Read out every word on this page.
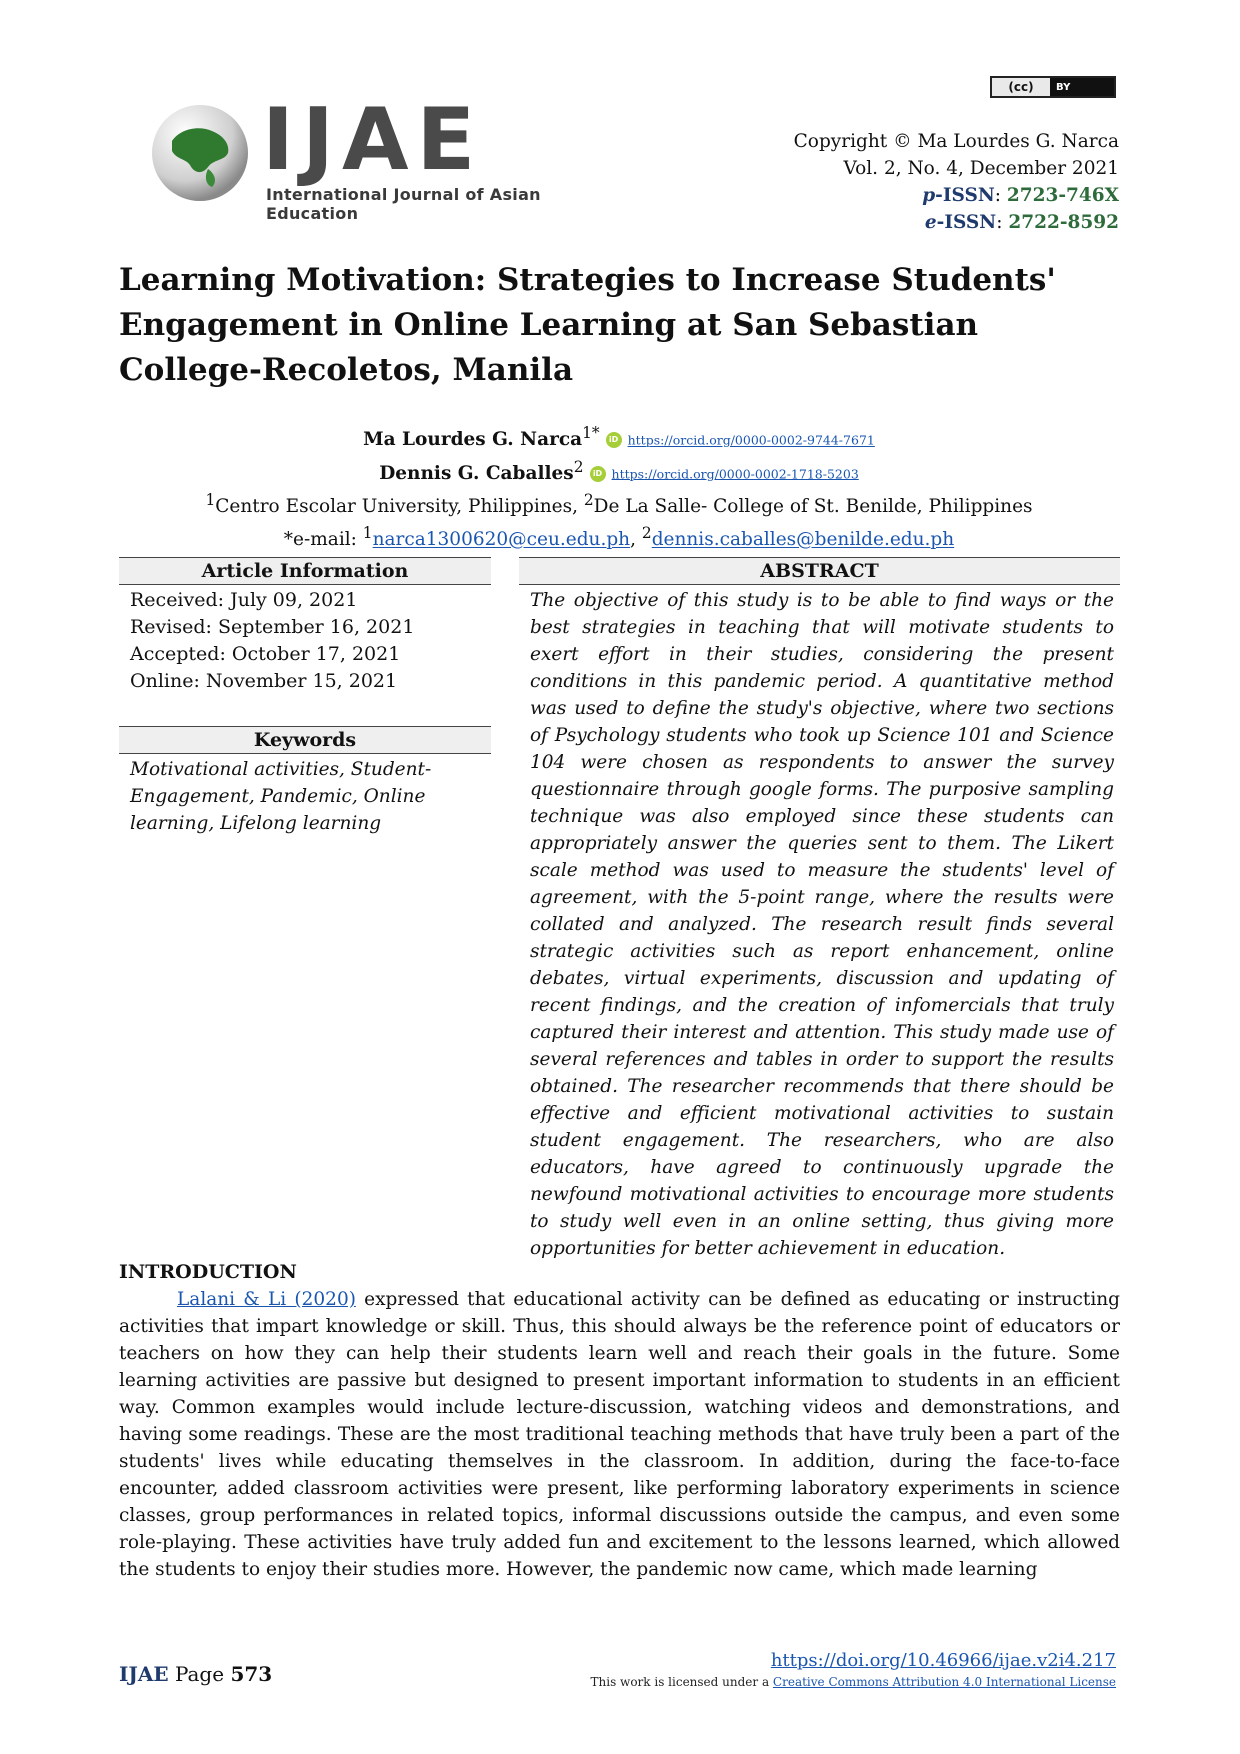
(cc)	BY
IJAE
International Journal of Asian Education
Copyright © Ma Lourdes G. Narca
Vol. 2, No. 4, December 2021
p-ISSN: 2723-746X
e-ISSN: 2722-8592
Learning Motivation: Strategies to Increase Students' Engagement in Online Learning at San Sebastian College-Recoletos, Manila
Ma Lourdes G. Narca$^{1*}$ iD https://orcid.org/0000-0002-9744-7671
Dennis G. Caballes$^2$ iD https://orcid.org/0000-0002-1718-5203
$^1$Centro Escolar University, Philippines, $^2$De La Salle- College of St. Benilde, Philippines
*e-mail: $^1$narca1300620@ceu.edu.ph, $^2$dennis.caballes@benilde.edu.ph
Article Information
Received: July 09, 2021
Revised: September 16, 2021
Accepted: October 17, 2021
Online: November 15, 2021
Keywords
Motivational activities, Student-Engagement, Pandemic, Online learning, Lifelong learning
ABSTRACT
The objective of this study is to be able to find ways or the best strategies in teaching that will motivate students to exert effort in their studies, considering the present conditions in this pandemic period. A quantitative method was used to define the study's objective, where two sections of Psychology students who took up Science 101 and Science 104 were chosen as respondents to answer the survey questionnaire through google forms. The purposive sampling technique was also employed since these students can appropriately answer the queries sent to them. The Likert scale method was used to measure the students' level of agreement, with the 5-point range, where the results were collated and analyzed. The research result finds several strategic activities such as report enhancement, online debates, virtual experiments, discussion and updating of recent findings, and the creation of infomercials that truly captured their interest and attention. This study made use of several references and tables in order to support the results obtained. The researcher recommends that there should be effective and efficient motivational activities to sustain student engagement. The researchers, who are also educators, have agreed to continuously upgrade the newfound motivational activities to encourage more students to study well even in an online setting, thus giving more opportunities for better achievement in education.
INTRODUCTION
Lalani & Li (2020) expressed that educational activity can be defined as educating or instructing activities that impart knowledge or skill. Thus, this should always be the reference point of educators or teachers on how they can help their students learn well and reach their goals in the future. Some learning activities are passive but designed to present important information to students in an efficient way. Common examples would include lecture-discussion, watching videos and demonstrations, and having some readings. These are the most traditional teaching methods that have truly been a part of the students' lives while educating themselves in the classroom. In addition, during the face-to-face encounter, added classroom activities were present, like performing laboratory experiments in science classes, group performances in related topics, informal discussions outside the campus, and even some role-playing. These activities have truly added fun and excitement to the lessons learned, which allowed the students to enjoy their studies more. However, the pandemic now came, which made learning
IJAE Page 573
https://doi.org/10.46966/ijae.v2i4.217
This work is licensed under a Creative Commons Attribution 4.0 International License
